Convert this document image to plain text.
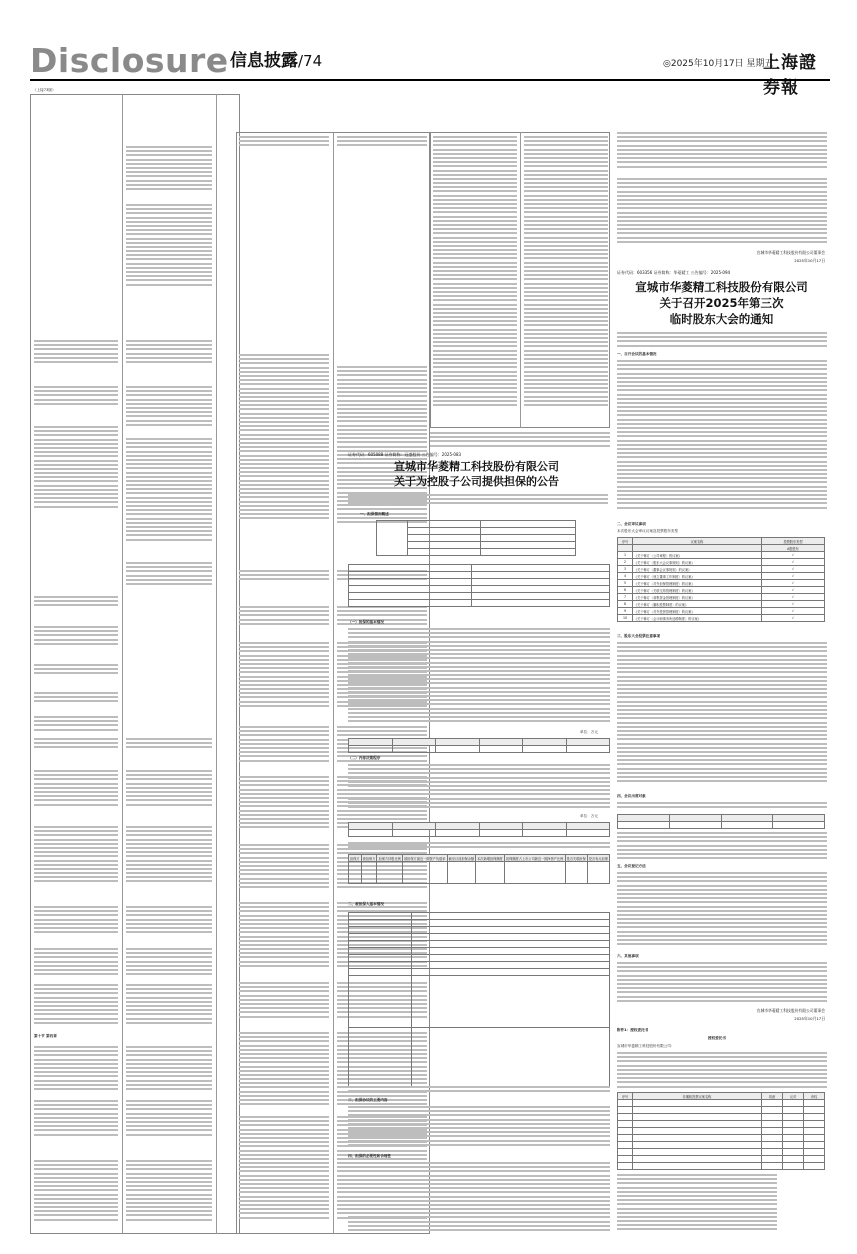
Disclosure 信息披露/74	◎2025年10月17日 星期五
上海證券報
（上接73版）
第十节 第四章
证券代码：605088 证券简称：冠盛股份 公告编号：2025-083
宣城市华菱精工科技股份有限公司
关于为控股子公司提供担保的公告
一、担保情况概述

（一）担保的基本情况
单位：万元

（二）内部决策程序
单位：万元

担保方	被担保方	担保方持股比例	被担保方最近一期资产负债率	截至目前担保余额	本次新增担保额度	担保额度占上市公司最近一期净资产比例	是否关联担保	是否有反担保

二、被担保人基本情况

三、担保协议的主要内容
四、担保的必要性和合理性
宣城市华菱精工科技股份有限公司董事会
2025年10月17日
证券代码：603356 证券简称：华菱精工 公告编号：2025-094
宣城市华菱精工科技股份有限公司
关于召开2025年第三次
临时股东大会的通知
一、召开会议的基本情况
二、会议审议事项
本次股东大会审议议案及投票股东类型
序号	议案名称	投票股东类型
		A股股东
1	《关于修订〈公司章程〉的议案》	√
2	《关于修订〈股东大会议事规则〉的议案》	√
3	《关于修订〈董事会议事规则〉的议案》	√
4	《关于修订〈独立董事工作制度〉的议案》	√
5	《关于修订〈对外担保管理制度〉的议案》	√
6	《关于修订〈关联交易管理制度〉的议案》	√
7	《关于修订〈募集资金管理制度〉的议案》	√
8	《关于修订〈累积投票制度〉的议案》	√
9	《关于修订〈对外投资管理制度〉的议案》	√
10	《关于修订〈会计师事务所选聘制度〉的议案》	√
三、股东大会投票注意事项
四、会议出席对象

五、会议登记方法
六、其他事项
宣城市华菱精工科技股份有限公司董事会
2025年10月17日
附件1：授权委托书
授权委托书
宣城市华菱精工科技股份有限公司：
序号	非累积投票议案名称	同意	反对	弃权
